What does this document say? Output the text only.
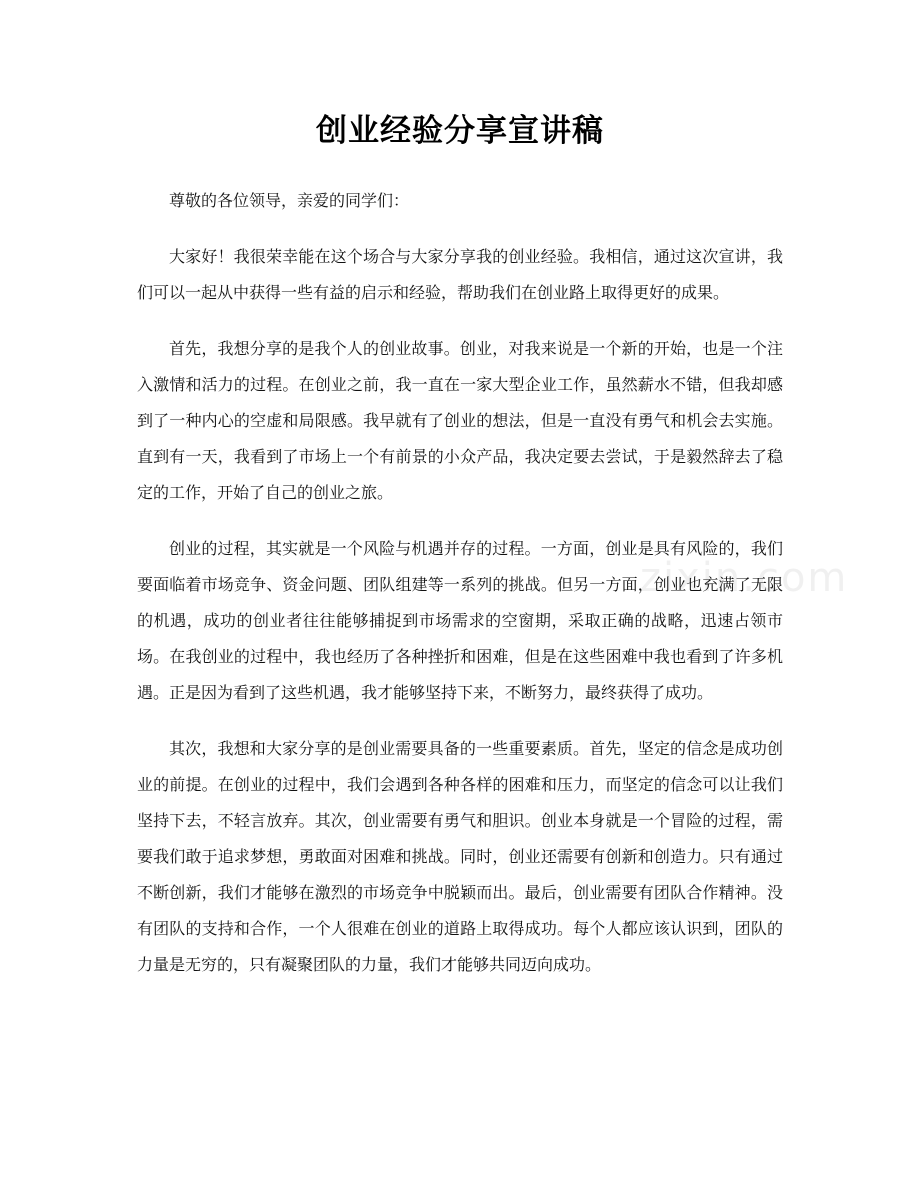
创业经验分享宣讲稿

尊敬的各位领导，亲爱的同学们：

大家好！我很荣幸能在这个场合与大家分享我的创业经验。我相信，通过这次宣讲，我们可以一起从中获得一些有益的启示和经验，帮助我们在创业路上取得更好的成果。

首先，我想分享的是我个人的创业故事。创业，对我来说是一个新的开始，也是一个注入激情和活力的过程。在创业之前，我一直在一家大型企业工作，虽然薪水不错，但我却感到了一种内心的空虚和局限感。我早就有了创业的想法，但是一直没有勇气和机会去实施。直到有一天，我看到了市场上一个有前景的小众产品，我决定要去尝试，于是毅然辞去了稳定的工作，开始了自己的创业之旅。

创业的过程，其实就是一个风险与机遇并存的过程。一方面，创业是具有风险的，我们要面临着市场竞争、资金问题、团队组建等一系列的挑战。但另一方面，创业也充满了无限的机遇，成功的创业者往往能够捕捉到市场需求的空窗期，采取正确的战略，迅速占领市场。在我创业的过程中，我也经历了各种挫折和困难，但是在这些困难中我也看到了许多机遇。正是因为看到了这些机遇，我才能够坚持下来，不断努力，最终获得了成功。

其次，我想和大家分享的是创业需要具备的一些重要素质。首先，坚定的信念是成功创业的前提。在创业的过程中，我们会遇到各种各样的困难和压力，而坚定的信念可以让我们坚持下去，不轻言放弃。其次，创业需要有勇气和胆识。创业本身就是一个冒险的过程，需要我们敢于追求梦想，勇敢面对困难和挑战。同时，创业还需要有创新和创造力。只有通过不断创新，我们才能够在激烈的市场竞争中脱颖而出。最后，创业需要有团队合作精神。没有团队的支持和合作，一个人很难在创业的道路上取得成功。每个人都应该认识到，团队的力量是无穷的，只有凝聚团队的力量，我们才能够共同迈向成功。

zixin.com
